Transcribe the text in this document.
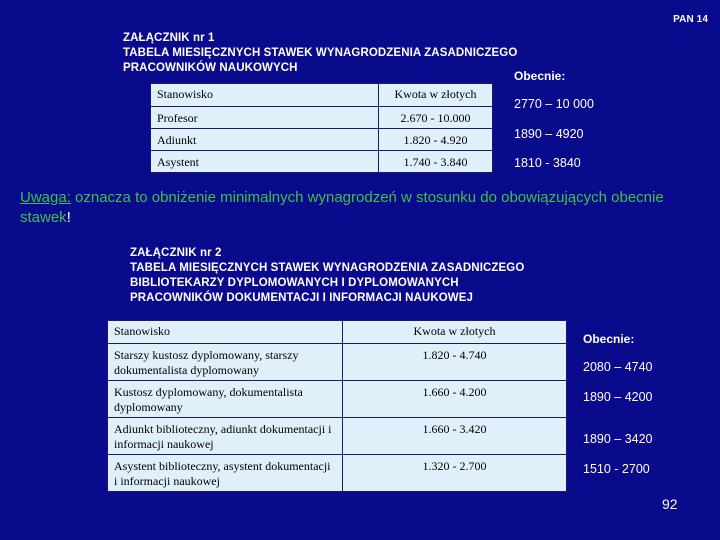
PAN 14
ZAŁĄCZNIK nr 1
TABELA MIESIĘCZNYCH STAWEK WYNAGRODZENIA ZASADNICZEGO
PRACOWNIKÓW NAUKOWYCH
Obecnie:
Stanowisko	Kwota w złotych
Profesor	2.670 - 10.000
Adiunkt	1.820 - 4.920
Asystent	1.740 - 3.840
2770 – 10 000
1890 – 4920
1810 - 3840
Uwaga: oznacza to obniżenie minimalnych wynagrodzeń w stosunku do obowiązujących obecnie stawek!
ZAŁĄCZNIK nr 2
TABELA MIESIĘCZNYCH STAWEK WYNAGRODZENIA ZASADNICZEGO
BIBLIOTEKARZY DYPLOMOWANYCH I DYPLOMOWANYCH
PRACOWNIKÓW DOKUMENTACJI I INFORMACJI NAUKOWEJ
Obecnie:
Stanowisko	Kwota w złotych
Starszy kustosz dyplomowany, starszy dokumentalista dyplomowany	1.820 - 4.740
Kustosz dyplomowany, dokumentalista dyplomowany	1.660 - 4.200
Adiunkt biblioteczny, adiunkt dokumentacji i informacji naukowej	1.660 - 3.420
Asystent biblioteczny, asystent dokumentacji i informacji naukowej	1.320 - 2.700
2080 – 4740
1890 – 4200
1890 – 3420
1510 - 2700
92
